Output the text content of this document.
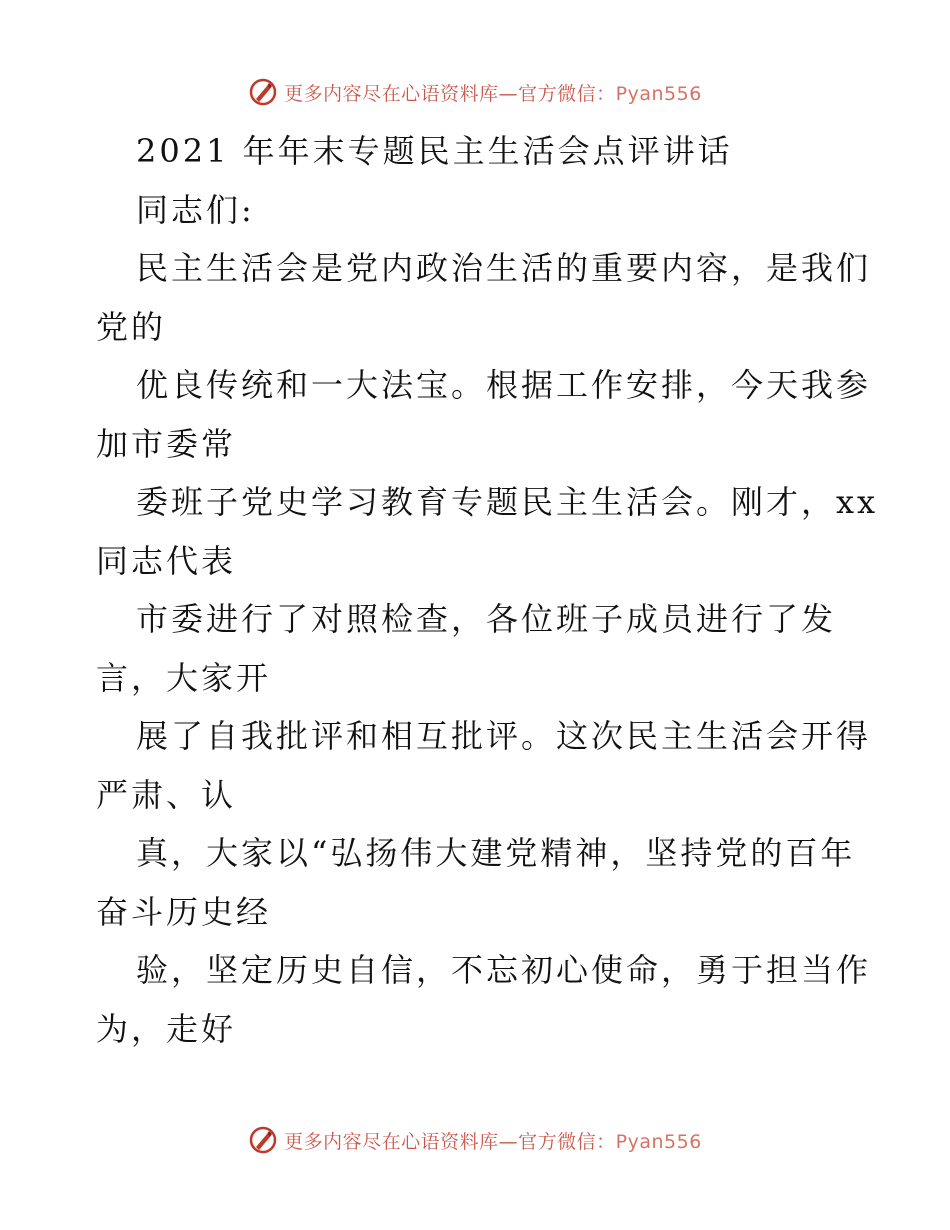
更多内容尽在心语资料库—官方微信：Pyan556
2021 年年末专题民主生活会点评讲话
同志们:
民主生活会是党内政治生活的重要内容，是我们
党的
优良传统和一大法宝。根据工作安排，今天我参
加市委常
委班子党史学习教育专题民主生活会。刚才，xx
同志代表
市委进行了对照检查，各位班子成员进行了发
言，大家开
展了自我批评和相互批评。这次民主生活会开得
严肃、认
真，大家以“弘扬伟大建党精神，坚持党的百年
奋斗历史经
验，坚定历史自信，不忘初心使命，勇于担当作
为，走好
更多内容尽在心语资料库—官方微信：Pyan556
